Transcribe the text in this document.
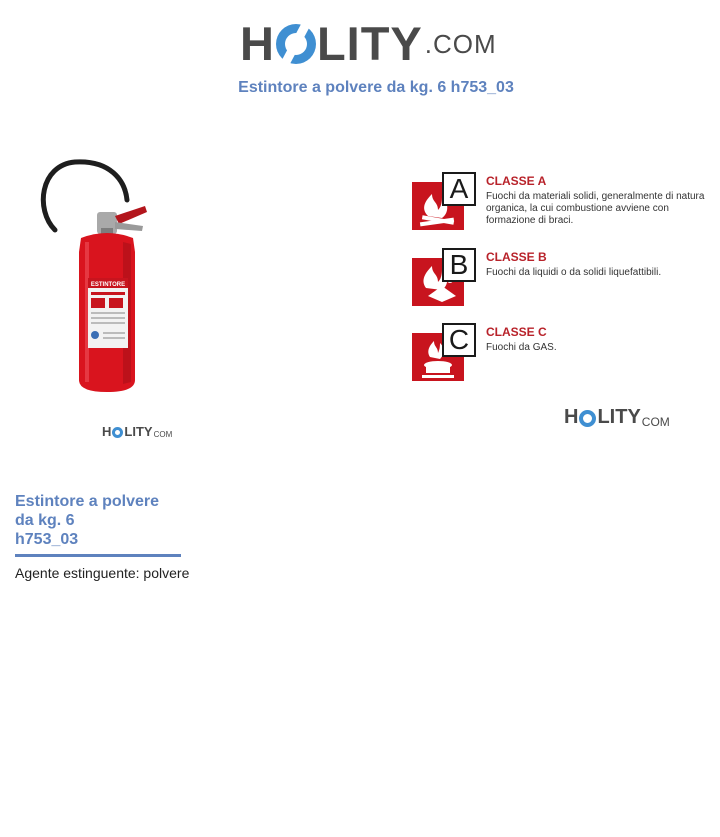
H LITY .COM
Estintore a polvere da kg. 6 h753_03
ESTINTORE
H LITY COM
A	CLASSE A
Fuochi da materiali solidi, generalmente di natura organica, la cui combustione avviene con formazione di braci.
B	CLASSE B
Fuochi da liquidi o da solidi liquefattibili.
C	CLASSE C
Fuochi da GAS.
H LITY COM
Estintore a polvere
da kg. 6
h753_03
Agente estinguente: polvere
